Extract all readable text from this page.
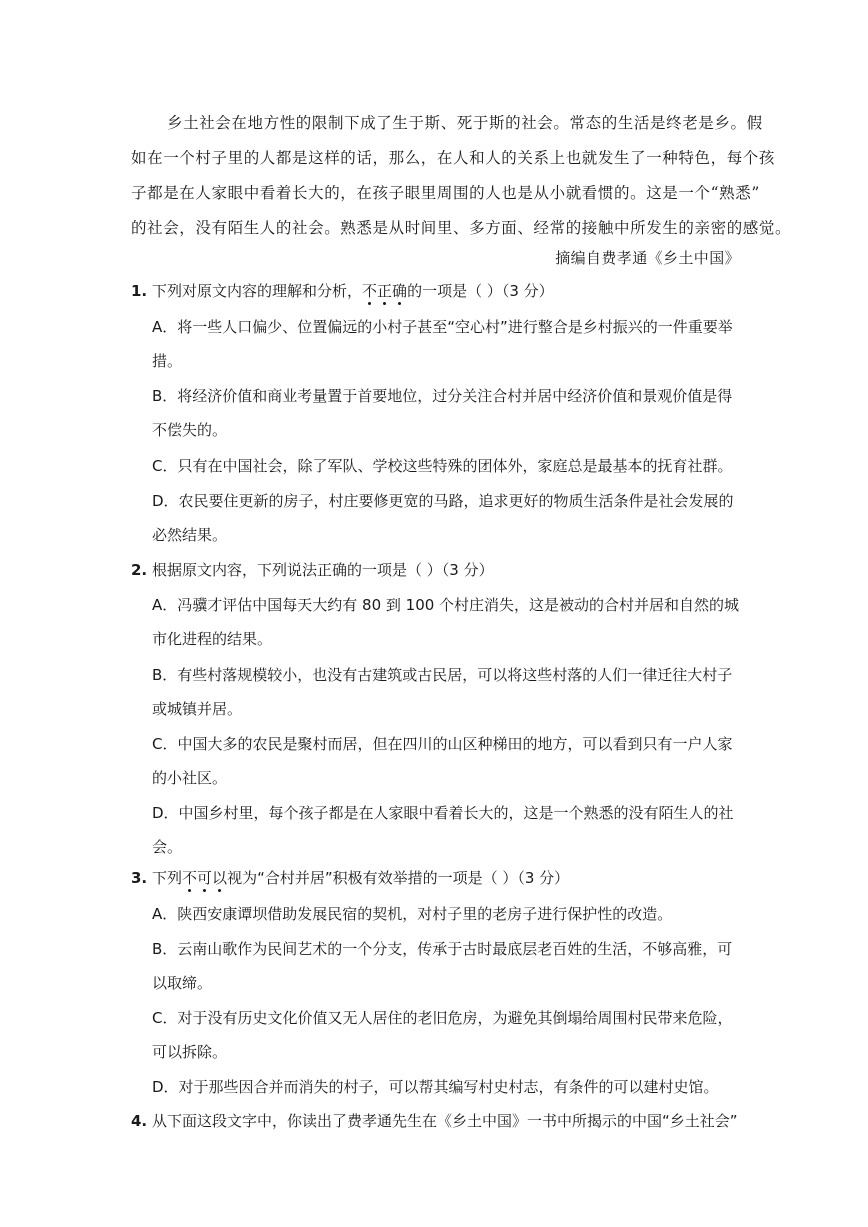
乡土社会在地方性的限制下成了生于斯、死于斯的社会。常态的生活是终老是乡。假
如在一个村子里的人都是这样的话，那么，在人和人的关系上也就发生了一种特色，每个孩
子都是在人家眼中看着长大的，在孩子眼里周围的人也是从小就看惯的。这是一个“熟悉”
的社会，没有陌生人的社会。熟悉是从时间里、多方面、经常的接触中所发生的亲密的感觉。
摘编自费孝通《乡土中国》
1. 下列对原文内容的理解和分析，不正确的一项是（ ）（3 分）
A．将一些人口偏少、位置偏远的小村子甚至“空心村”进行整合是乡村振兴的一件重要举
措。
B．将经济价值和商业考量置于首要地位，过分关注合村并居中经济价值和景观价值是得
不偿失的。
C．只有在中国社会，除了军队、学校这些特殊的团体外，家庭总是最基本的抚育社群。
D．农民要住更新的房子，村庄要修更宽的马路，追求更好的物质生活条件是社会发展的
必然结果。
2. 根据原文内容，下列说法正确的一项是（ ）（3 分）
A．冯骥才评估中国每天大约有 80 到 100 个村庄消失，这是被动的合村并居和自然的城
市化进程的结果。
B．有些村落规模较小，也没有古建筑或古民居，可以将这些村落的人们一律迁往大村子
或城镇并居。
C．中国大多的农民是聚村而居，但在四川的山区种梯田的地方，可以看到只有一户人家
的小社区。
D．中国乡村里，每个孩子都是在人家眼中看着长大的，这是一个熟悉的没有陌生人的社
会。
3. 下列不可以视为“合村并居”积极有效举措的一项是（ ）（3 分）
A．陕西安康谭坝借助发展民宿的契机，对村子里的老房子进行保护性的改造。
B．云南山歌作为民间艺术的一个分支，传承于古时最底层老百姓的生活，不够高雅，可
以取缔。
C．对于没有历史文化价值又无人居住的老旧危房，为避免其倒塌给周围村民带来危险，
可以拆除。
D．对于那些因合并而消失的村子，可以帮其编写村史村志，有条件的可以建村史馆。
4. 从下面这段文字中，你读出了费孝通先生在《乡土中国》一书中所揭示的中国“乡土社会”
